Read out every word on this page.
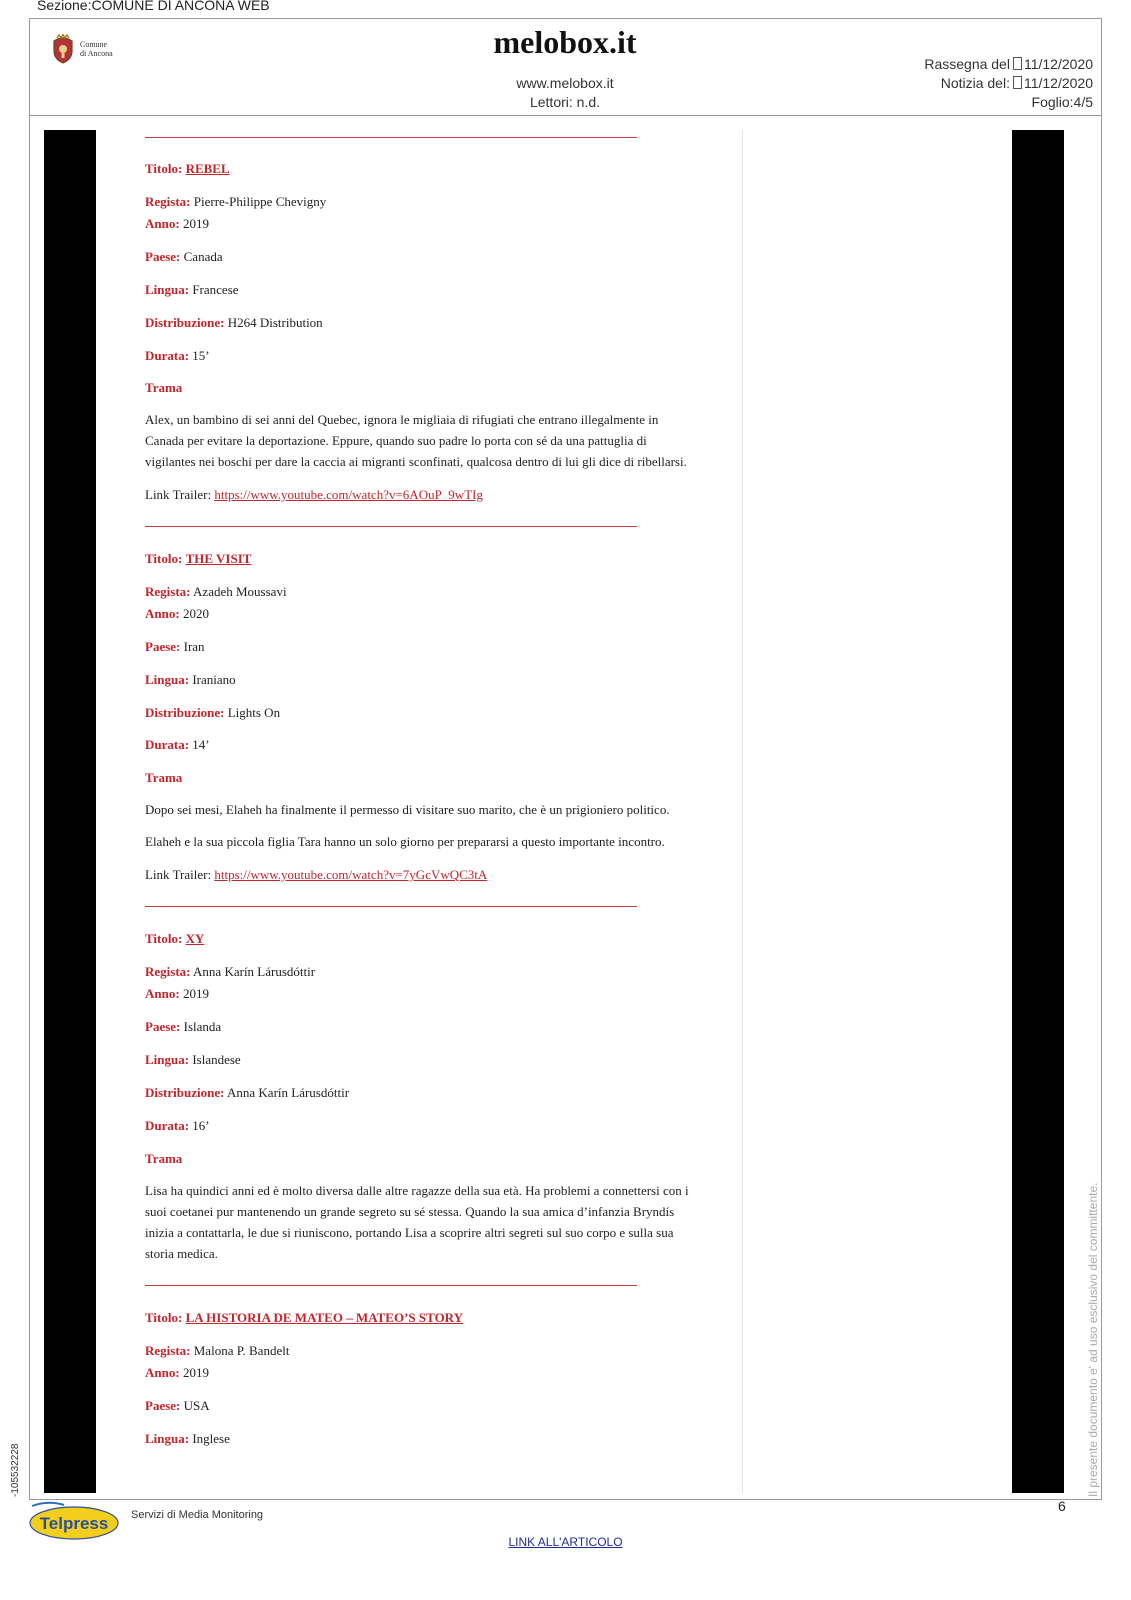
Sezione:COMUNE DI ANCONA WEB
Comune
di Ancona	melobox.it
www.melobox.it
Lettori: n.d.
Rassegna del 11/12/2020
Notizia del: 11/12/2020
Foglio:4/5
Titolo: REBEL
Regista: Pierre-Philippe Chevigny
Anno: 2019
Paese: Canada
Lingua: Francese
Distribuzione: H264 Distribution
Durata: 15’
Trama
Alex, un bambino di sei anni del Quebec, ignora le migliaia di rifugiati che entrano illegalmente in Canada per evitare la deportazione. Eppure, quando suo padre lo porta con sé da una pattuglia di vigilantes nei boschi per dare la caccia ai migranti sconfinati, qualcosa dentro di lui gli dice di ribellarsi.
Link Trailer: https://www.youtube.com/watch?v=6AOuP_9wTIg
Titolo: THE VISIT
Regista: Azadeh Moussavi
Anno: 2020
Paese: Iran
Lingua: Iraniano
Distribuzione: Lights On
Durata: 14’
Trama
Dopo sei mesi, Elaheh ha finalmente il permesso di visitare suo marito, che è un prigioniero politico.
Elaheh e la sua piccola figlia Tara hanno un solo giorno per prepararsi a questo importante incontro.
Link Trailer: https://www.youtube.com/watch?v=7yGcVwQC3tA
Titolo: XY
Regista: Anna Karín Lárusdóttir
Anno: 2019
Paese: Islanda
Lingua: Islandese
Distribuzione: Anna Karín Lárusdóttir
Durata: 16’
Trama
Lisa ha quindici anni ed è molto diversa dalle altre ragazze della sua età. Ha problemi a connettersi con i suoi coetanei pur mantenendo un grande segreto su sé stessa. Quando la sua amica d’infanzia Bryndís inizia a contattarla, le due si riuniscono, portando Lisa a scoprire altri segreti sul suo corpo e sulla sua storia medica.
Titolo: LA HISTORIA DE MATEO – MATEO’S STORY
Regista: Malona P. Bandelt
Anno: 2019
Paese: USA
Lingua: Inglese	Il presente documento e' ad uso esclusivo del committente.
-105532228
Telpress Servizi di Media Monitoring
6
LINK ALL'ARTICOLO
